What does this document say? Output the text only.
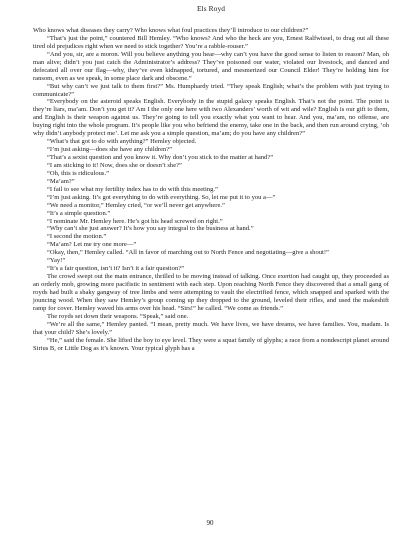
Els Royd

Who knows what diseases they carry? Who knows what foul practices they’ll introduce to our children?”

“That’s just the point,” countered Bill Hemley. “Who knows? And who the heck are you, Ernest Ralfwissel, to drag out all these tired old prejudices right when we need to stick together? You’re a rabble-rouser.”

“And you, sir, are a moron. Will you believe anything you hear—why can’t you have the good sense to listen to reason? Man, oh man alive; didn’t you just catch the Administrator’s address? They’ve poisoned our water, violated our livestock, and danced and defecated all over our flag—why, they’ve even kidnapped, tortured, and mesmerized our Council Elder! They’re holding him for ransom, even as we speak, in some place dark and obscene.”

“But why can’t we just talk to them first?” Ms. Humphardy tried. “They speak English; what’s the problem with just trying to communicate?”

“Everybody on the asteroid speaks English. Everybody in the stupid galaxy speaks English. That’s not the point. The point is they’re liars, ma’am. Don’t you get it? Am I the only one here with two Alexanders’ worth of wit and wile? English is our gift to them, and English is their weapon against us. They’re going to tell you exactly what you want to hear. And you, ma’am, no offense, are buying right into the whole program. It’s people like you who befriend the enemy, take one in the back, and then run around crying, ‘oh why didn’t anybody protect me’. Let me ask you a simple question, ma’am; do you have any children?”

“What’s that got to do with anything?” Hemley objected.

“I’m just asking—does she have any children?”

“That’s a sexist question and you know it. Why don’t you stick to the matter at hand?”

“I am sticking to it! Now, does she or doesn’t she?”

“Oh, this is ridiculous.”

“Ma’am?”

“I fail to see what my fertility index has to do with this meeting.”

“I’m just asking. It’s got everything to do with everything. So, let me put it to you a—”

“We need a monitor,” Hemley cried, “or we’ll never get anywhere.”

“It’s a simple question.”

“I nominate Mr. Hemley here. He’s got his head screwed on right.”

“Why can’t she just answer? It’s how you say integral to the business at hand.”

“I second the motion.”

“Ma’am? Let me try one more—”

“Okay, then,” Hemley called. “All in favor of marching out to North Fence and negotiating—give a shout!”

“Yay!”

“It’s a fair question, isn’t it? Isn’t it a fair question?”

The crowd swept out the main entrance, thrilled to be moving instead of talking. Once exertion had caught up, they proceeded as an orderly mob, growing more pacifistic in sentiment with each step. Upon reaching North Fence they discovered that a small gang of royds had built a shaky gangway of tree limbs and were attempting to vault the electrified fence, which snapped and sparked with the jouncing wood. When they saw Hemley’s group coming up they dropped to the ground, leveled their rifles, and used the makeshift ramp for cover. Hemley waved his arms over his head. “Sirs!” he called. “We come as friends.”

The royds set down their weapons. “Speak,” said one.

“We’re all the same,” Hemley panted. “I mean, pretty much. We have lives, we have dreams, we have families. You, madam. Is that your child? She’s lovely.”

“He,” said the female. She lifted the boy to eye level. They were a squat family of glyphs; a race from a nondescript planet around Sirius B, or Little Dog as it’s known. Your typical glyph has a

90
